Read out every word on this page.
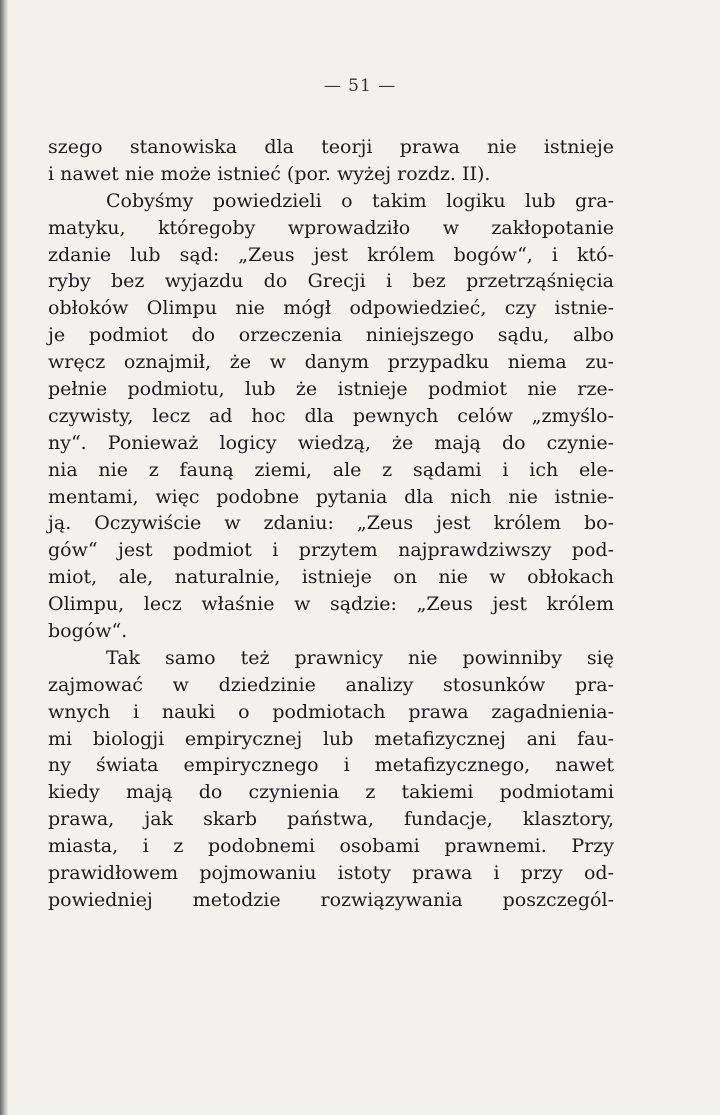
— 51 —
szego stanowiska dla teorji prawa nie istnieje
i nawet nie może istnieć (por. wyżej rozdz. II).
Cobyśmy powiedzieli o takim logiku lub gra-
matyku, któregoby wprowadziło w zakłopotanie
zdanie lub sąd: „Zeus jest królem bogów“, i któ-
ryby bez wyjazdu do Grecji i bez przetrząśnięcia
obłoków Olimpu nie mógł odpowiedzieć, czy istnie-
je podmiot do orzeczenia niniejszego sądu, albo
wręcz oznajmił, że w danym przypadku niema zu-
pełnie podmiotu, lub że istnieje podmiot nie rze-
czywisty, lecz ad hoc dla pewnych celów „zmyślo-
ny“. Ponieważ logicy wiedzą, że mają do czynie-
nia nie z fauną ziemi, ale z sądami i ich ele-
mentami, więc podobne pytania dla nich nie istnie-
ją. Oczywiście w zdaniu: „Zeus jest królem bo-
gów“ jest podmiot i przytem najprawdziwszy pod-
miot, ale, naturalnie, istnieje on nie w obłokach
Olimpu, lecz właśnie w sądzie: „Zeus jest królem
bogów“.
Tak samo też prawnicy nie powinniby się
zajmować w dziedzinie analizy stosunków pra-
wnych i nauki o podmiotach prawa zagadnienia-
mi biologji empirycznej lub metafizycznej ani fau-
ny świata empirycznego i metafizycznego, nawet
kiedy mają do czynienia z takiemi podmiotami
prawa, jak skarb państwa, fundacje, klasztory,
miasta, i z podobnemi osobami prawnemi. Przy
prawidłowem pojmowaniu istoty prawa i przy od-
powiedniej metodzie rozwiązywania poszczegól-
